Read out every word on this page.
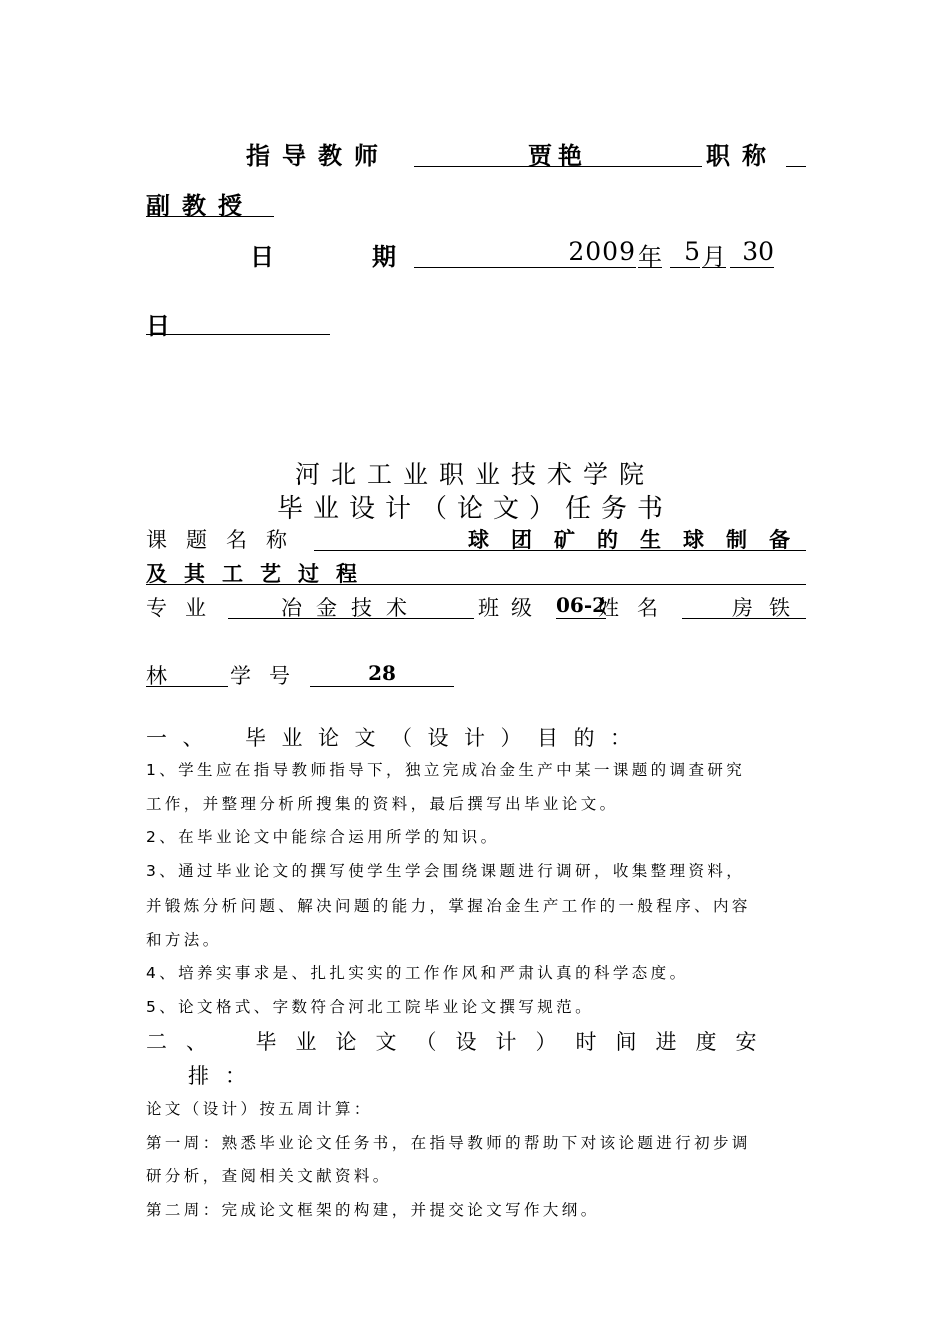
指导教师	贾艳	职称
副教授
日	期	2009 年 5 月 30
日
河北工业职业技术学院
毕业设计（论文）任务书
课题名称	球团矿的生球制备
及其工艺过程
专业	冶金技术	班级 06-2
姓名	房铁
林	学号	28
一、　毕业论文（设计）目的：
1、学生应在指导教师指导下，独立完成冶金生产中某一课题的调查研究
工作，并整理分析所搜集的资料，最后撰写出毕业论文。
2、在毕业论文中能综合运用所学的知识。
3、通过毕业论文的撰写使学生学会围绕课题进行调研，收集整理资料，
并锻炼分析问题、解决问题的能力，掌握冶金生产工作的一般程序、内容
和方法。
4、培养实事求是、扎扎实实的工作作风和严肃认真的科学态度。
5、论文格式、字数符合河北工院毕业论文撰写规范。
二、　毕业论文（设计）时间进度安
排：
论文（设计）按五周计算：
第一周：熟悉毕业论文任务书，在指导教师的帮助下对该论题进行初步调
研分析，查阅相关文献资料。
第二周：完成论文框架的构建，并提交论文写作大纲。
